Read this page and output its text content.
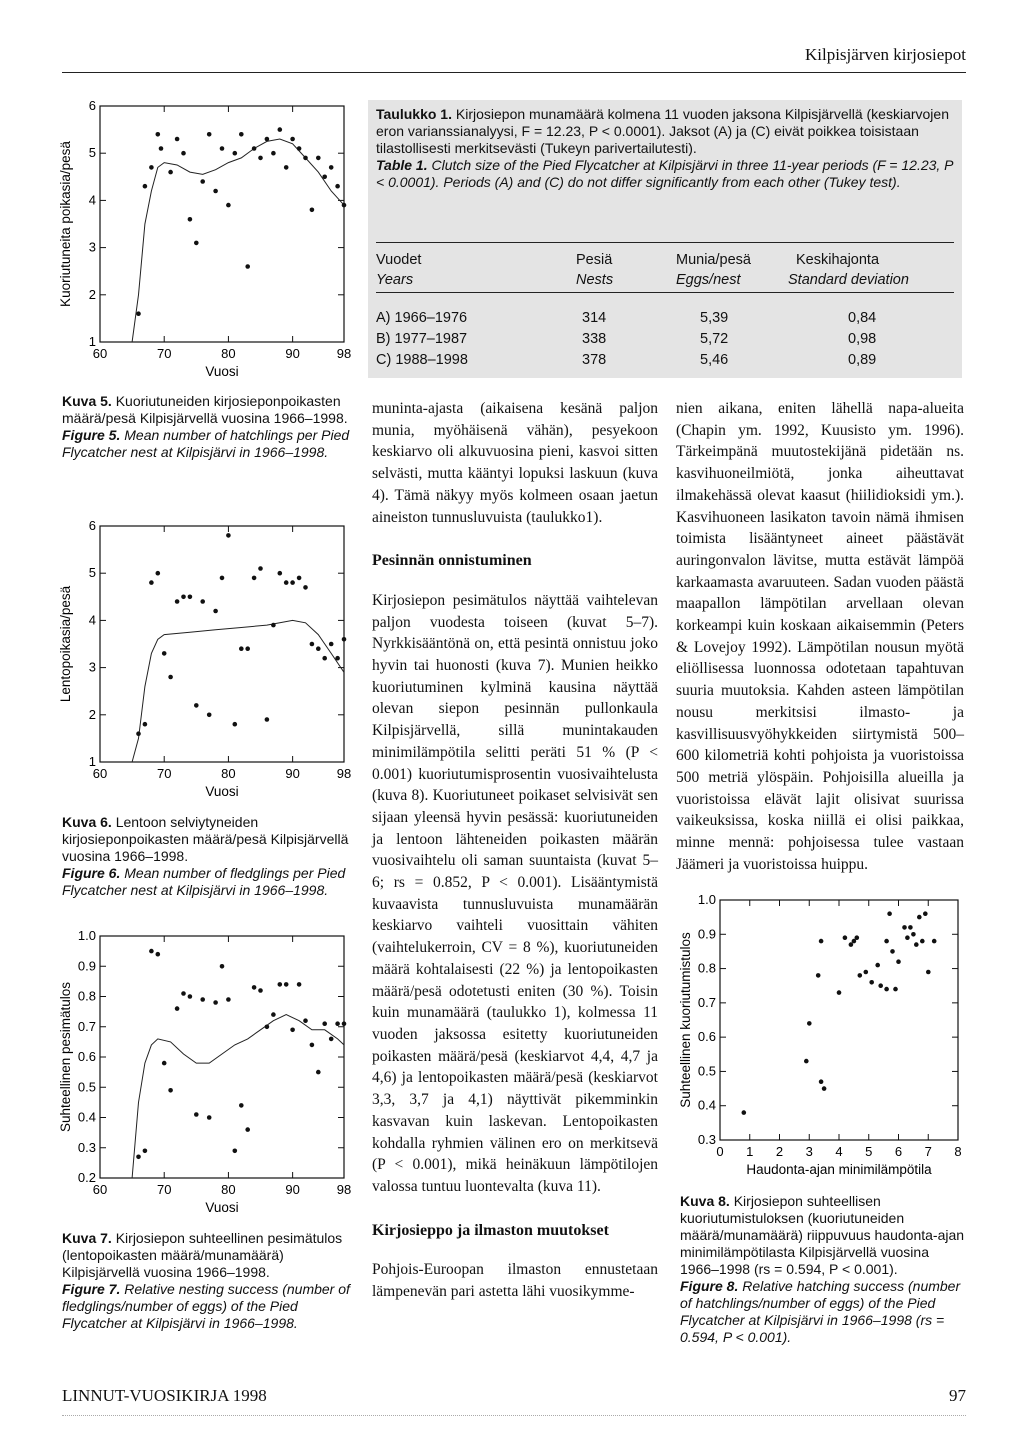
Kilpisjärven kirjosiepot
60	70	80	90	98
1
2
3
4
5
6
Vuosi
Kuoriutuneita poikasia/pesä
60	70	80	90	98
1
2
3
4
5
6
Vuosi
Lentopoikasia/pesä
60	70	80	90	98
0.2
0.3
0.4
0.5
0.6
0.7
0.8
0.9
1.0
Vuosi
Suhteellinen pesimätulos
0 1 2 3 4 5 6 7 8
0.3
0.4
0.5
0.6
0.7
0.8
0.9
1.0
Haudonta-ajan minimilämpötila
Suhteellinen kuoriutumistulos

Kuva 5. Kuoriutuneiden kirjosieponpoikasten määrä/pesä Kilpisjärvellä vuosina 1966–1998.

Figure 5. Mean number of hatchlings per Pied Flycatcher nest at Kilpisjärvi in 1966–1998.

Kuva 6. Lentoon selviytyneiden kirjosieponpoikasten määrä/pesä Kilpisjärvellä vuosina 1966–1998.

Figure 6. Mean number of fledglings per Pied Flycatcher nest at Kilpisjärvi in 1966–1998.

Kuva 7. Kirjosiepon suhteellinen pesimätulos (lentopoikasten määrä/munamäärä) Kilpisjärvellä vuosina 1966–1998.

Figure 7. Relative nesting success (number of fledglings/number of eggs) of the Pied Flycatcher at Kilpisjärvi in 1966–1998.

Kuva 8. Kirjosiepon suhteellisen kuoriutumistuloksen (kuoriutuneiden määrä/munamäärä) riippuvuus haudonta-ajan minimilämpötilasta Kilpisjärvellä vuosina 1966–1998 (rs = 0.594, P < 0.001).

Figure 8. Relative hatching success (number of hatchlings/number of eggs) of the Pied Flycatcher at Kilpisjärvi in 1966–1998 (rs = 0.594, P < 0.001).

Taulukko 1. Kirjosiepon munamäärä kolmena 11 vuoden jaksona Kilpisjärvellä (keskiarvojen eron varianssianalyysi, F = 12.23, P < 0.0001). Jaksot (A) ja (C) eivät poikkea toisistaan tilastollisesti merkitsevästi (Tukeyn parivertailutesti).

Table 1. Clutch size of the Pied Flycatcher at Kilpisjärvi in three 11-year periods (F = 12.23, P < 0.0001). Periods (A) and (C) do not differ significantly from each other (Tukey test).

Vuodet	Pesiä	Munia/pesä	Keskihajonta
Years	Nests	Eggs/nest	Standard deviation
A) 1966–1976	314	5,39	0,84
B) 1977–1987	338	5,72	0,98
C) 1988–1998	378	5,46	0,89

muninta-ajasta (aikaisena kesänä paljon munia, myöhäisenä vähän), pesyekoon keskiarvo oli alkuvuosina pieni, kasvoi sitten selvästi, mutta kääntyi lopuksi laskuun (kuva 4). Tämä näkyy myös kolmeen osaan jaetun aineiston tunnusluvuista (taulukko1).

Pesinnän onnistuminen

Kirjosiepon pesimätulos näyttää vaihtelevan paljon vuodesta toiseen (kuvat 5–7). Nyrkkisääntönä on, että pesintä onnistuu joko hyvin tai huonosti (kuva 7). Munien heikko kuoriutuminen kylminä kausina näyttää olevan siepon pesinnän pullonkaula Kilpisjärvellä, sillä munintakauden minimilämpötila selitti peräti 51 % (P < 0.001) kuoriutumisprosentin vuosivaihtelusta (kuva 8). Kuoriutuneet poikaset selvisivät sen sijaan yleensä hyvin pesässä: kuoriutuneiden ja lentoon lähteneiden poikasten määrän vuosivaihtelu oli saman suuntaista (kuvat 5–6; rs = 0.852, P < 0.001). Lisääntymistä kuvaavista tunnusluvuista munamäärän keskiarvo vaihteli vuosittain vähiten (vaihtelukerroin, CV = 8 %), kuoriutuneiden määrä kohtalaisesti (22 %) ja lentopoikasten määrä/pesä odotetusti eniten (30 %). Toisin kuin munamäärä (taulukko 1), kolmessa 11 vuoden jaksossa esitetty kuoriutuneiden poikasten määrä/pesä (keskiarvot 4,4, 4,7 ja 4,6) ja lentopoikasten määrä/pesä (keskiarvot 3,3, 3,7 ja 4,1) näyttivät pikemminkin kasvavan kuin laskevan. Lentopoikasten kohdalla ryhmien välinen ero on merkitsevä (P < 0.001), mikä heinäkuun lämpötilojen valossa tuntuu luontevalta (kuva 11).

Kirjosieppo ja ilmaston muutokset

Pohjois-Euroopan ilmaston ennustetaan lämpenevän pari astetta lähi vuosikymme-

nien aikana, eniten lähellä napa-alueita (Chapin ym. 1992, Kuusisto ym. 1996). Tärkeimpänä muutostekijänä pidetään ns. kasvihuoneilmiötä, jonka aiheuttavat ilmakehässä olevat kaasut (hiilidioksidi ym.). Kasvihuoneen lasikaton tavoin nämä ihmisen toimista lisääntyneet aineet päästävät auringonvalon lävitse, mutta estävät lämpöä karkaamasta avaruuteen. Sadan vuoden päästä maapallon lämpötilan arvellaan olevan korkeampi kuin koskaan aikaisemmin (Peters & Lovejoy 1992). Lämpötilan nousun myötä eliöllisessa luonnossa odotetaan tapahtuvan suuria muutoksia. Kahden asteen lämpötilan nousu merkitsisi ilmasto- ja kasvillisuusvyöhykkeiden siirtymistä 500–600 kilometriä kohti pohjoista ja vuoristoissa 500 metriä ylöspäin. Pohjoisilla alueilla ja vuoristoissa elävät lajit olisivat suurissa vaikeuksissa, koska niillä ei olisi paikkaa, minne mennä: pohjoisessa tulee vastaan Jäämeri ja vuoristoissa huippu.

LINNUT-VUOSIKIRJA 1998	97
